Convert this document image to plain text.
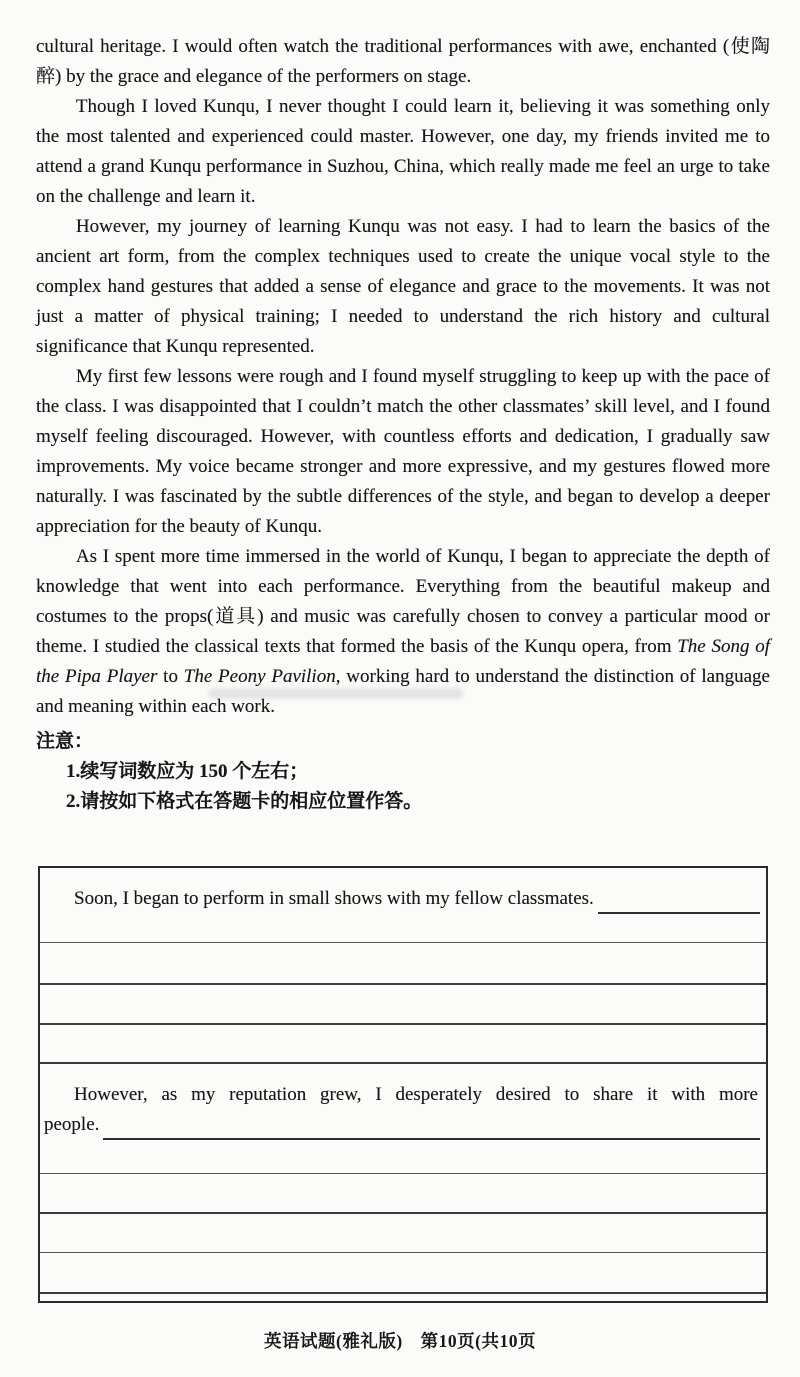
cultural heritage. I would often watch the traditional performances with awe, enchanted (使陶醉) by the grace and elegance of the performers on stage.

Though I loved Kunqu, I never thought I could learn it, believing it was something only the most talented and experienced could master. However, one day, my friends invited me to attend a grand Kunqu performance in Suzhou, China, which really made me feel an urge to take on the challenge and learn it.

However, my journey of learning Kunqu was not easy. I had to learn the basics of the ancient art form, from the complex techniques used to create the unique vocal style to the complex hand gestures that added a sense of elegance and grace to the movements. It was not just a matter of physical training; I needed to understand the rich history and cultural significance that Kunqu represented.

My first few lessons were rough and I found myself struggling to keep up with the pace of the class. I was disappointed that I couldn’t match the other classmates’ skill level, and I found myself feeling discouraged. However, with countless efforts and dedication, I gradually saw improvements. My voice became stronger and more expressive, and my gestures flowed more naturally. I was fascinated by the subtle differences of the style, and began to develop a deeper appreciation for the beauty of Kunqu.

As I spent more time immersed in the world of Kunqu, I began to appreciate the depth of knowledge that went into each performance. Everything from the beautiful makeup and costumes to the props(道具) and music was carefully chosen to convey a particular mood or theme. I studied the classical texts that formed the basis of the Kunqu opera, from The Song of the Pipa Player to The Peony Pavilion, working hard to understand the distinction of language and meaning within each work.

注意：
1.续写词数应为 150 个左右；
2.请按如下格式在答题卡的相应位置作答。
Soon, I began to perform in small shows with my fellow classmates.
However, as my reputation grew, I desperately desired to share it with more
people.
英语试题(雅礼版)　第10页(共10页
